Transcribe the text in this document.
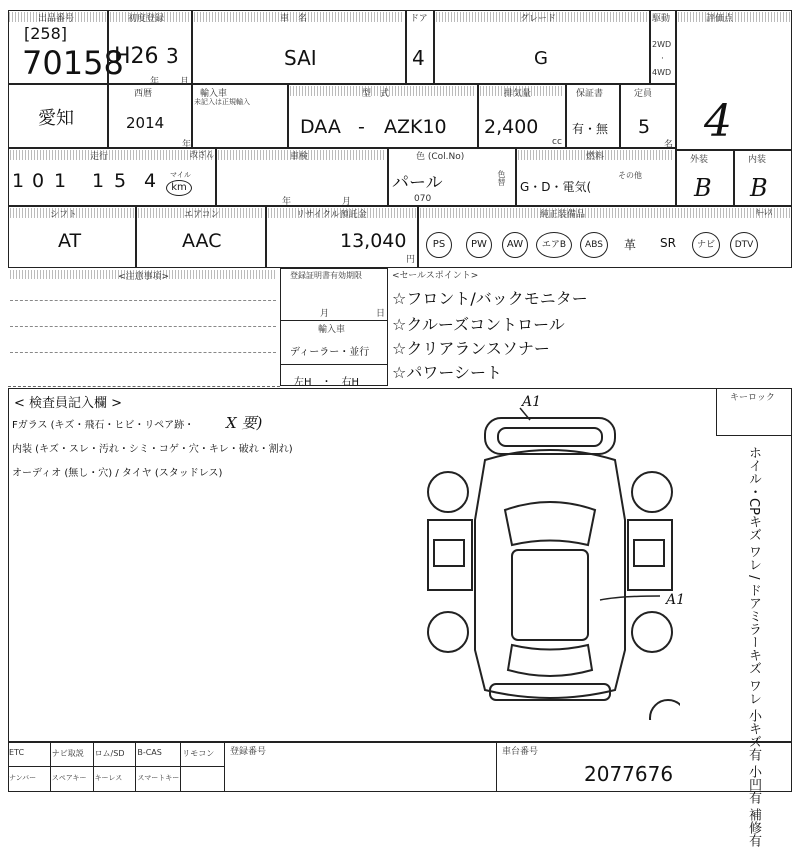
出品番号
[258]
70158
初度登録
H26 3
年 月
車　名
SAI
ドア
4
グレード
G
駆動
2WD
·
4WD
評価点
4
愛知
西暦
2014
年
輸入車
未記入は正規輸入
型　式
DAA - AZK10
排気量
2,400
cc
保証書
有・無
定員
5
名
走行	改ざん
1 0 1 1 5 4 マイル
km
車検
年	月
色 (Col.No)
パール
070
色替
燃料
G・D・電気(
その他
外装
B
内装
B
シフト
AT
エアコン
AAC
リサイクル預託金
13,040
円
純正装備品	ｷｰﾚｽ
PS	PW	AW	エアB	ABS	革 SR	ナビ	DTV
<注意事項>	登録証明書有効期限
月	日
輸入車
ディーラー・並行
左H　・　右H
<セールスポイント>
☆フロント/バックモニター
☆クルーズコントロール
☆クリアランスソナー
☆パワーシート
< 検査員記入欄 >
Fガラス (キズ・飛石・ヒビ・リペア跡・ X 要)
内装 (キズ・スレ・汚れ・シミ・コゲ・穴・キレ・破れ・割れ)
オーディオ (無し・穴) / タイヤ (スタッドレス)
キーロック
ホイル・CPキズ ワレ / ドアミラーキズ ワレ 小キズ有 小凹有 補修有
A1
A1
ETC	ナビ取説	ロム/SD	B-CAS	リモコン
ナンバー	スペアキー	キーレス	スマートキー
登録番号	車台番号
2077676
